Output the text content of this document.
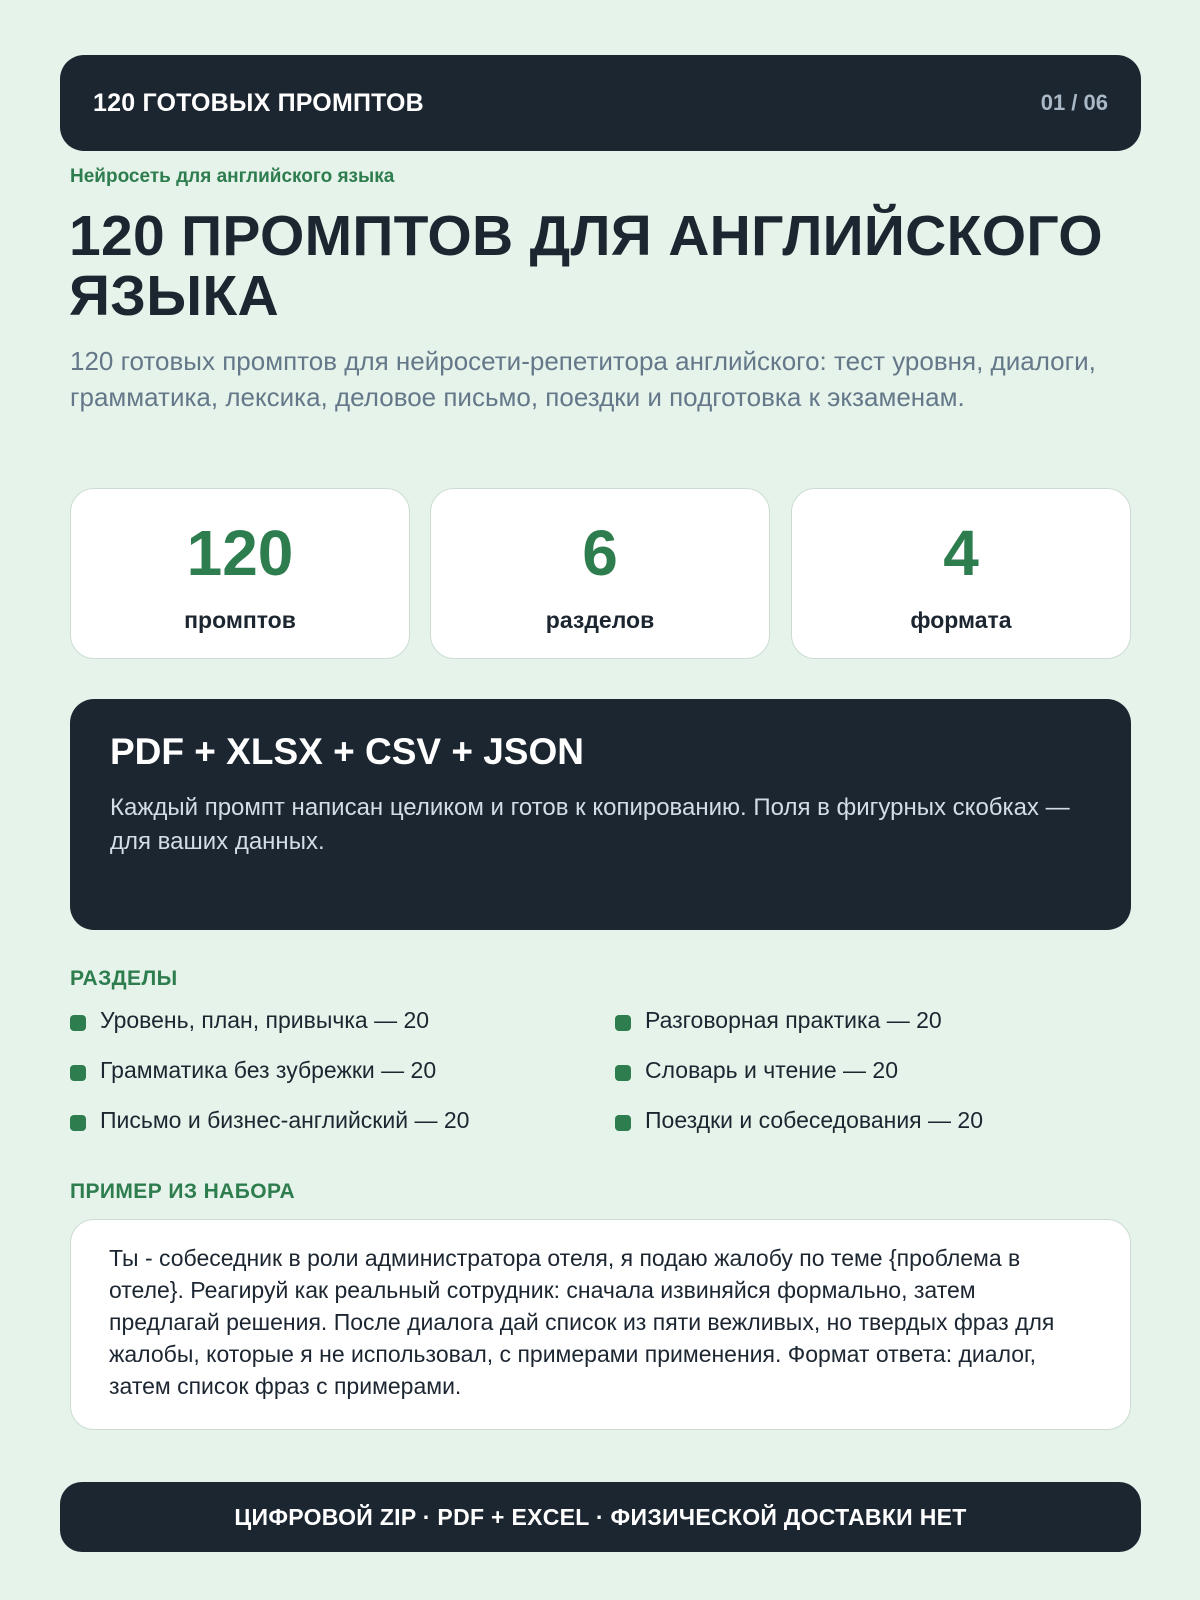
120 ГОТОВЫХ ПРОМПТОВ	01 / 06
Нейросеть для английского языка
120 ПРОМПТОВ ДЛЯ АНГЛИЙСКОГО ЯЗЫКА

120 готовых промптов для нейросети-репетитора английского: тест уровня, диалоги, грамматика, лексика, деловое письмо, поездки и подготовка к экзаменам.

120
промптов
6
разделов
4
формата
PDF + XLSX + CSV + JSON
Каждый промпт написан целиком и готов к копированию. Поля в фигурных скобках — для ваших данных.
РАЗДЕЛЫ
Уровень, план, привычка — 20	Разговорная практика — 20
Грамматика без зубрежки — 20	Словарь и чтение — 20
Письмо и бизнес-английский — 20	Поездки и собеседования — 20
ПРИМЕР ИЗ НАБОРА

Ты - собеседник в роли администратора отеля, я подаю жалобу по теме {проблема в отеле}. Реагируй как реальный сотрудник: сначала извиняйся формально, затем предлагай решения. После диалога дай список из пяти вежливых, но твердых фраз для жалобы, которые я не использовал, с примерами применения. Формат ответа: диалог, затем список фраз с примерами.

ЦИФРОВОЙ ZIP · PDF + EXCEL · ФИЗИЧЕСКОЙ ДОСТАВКИ НЕТ
